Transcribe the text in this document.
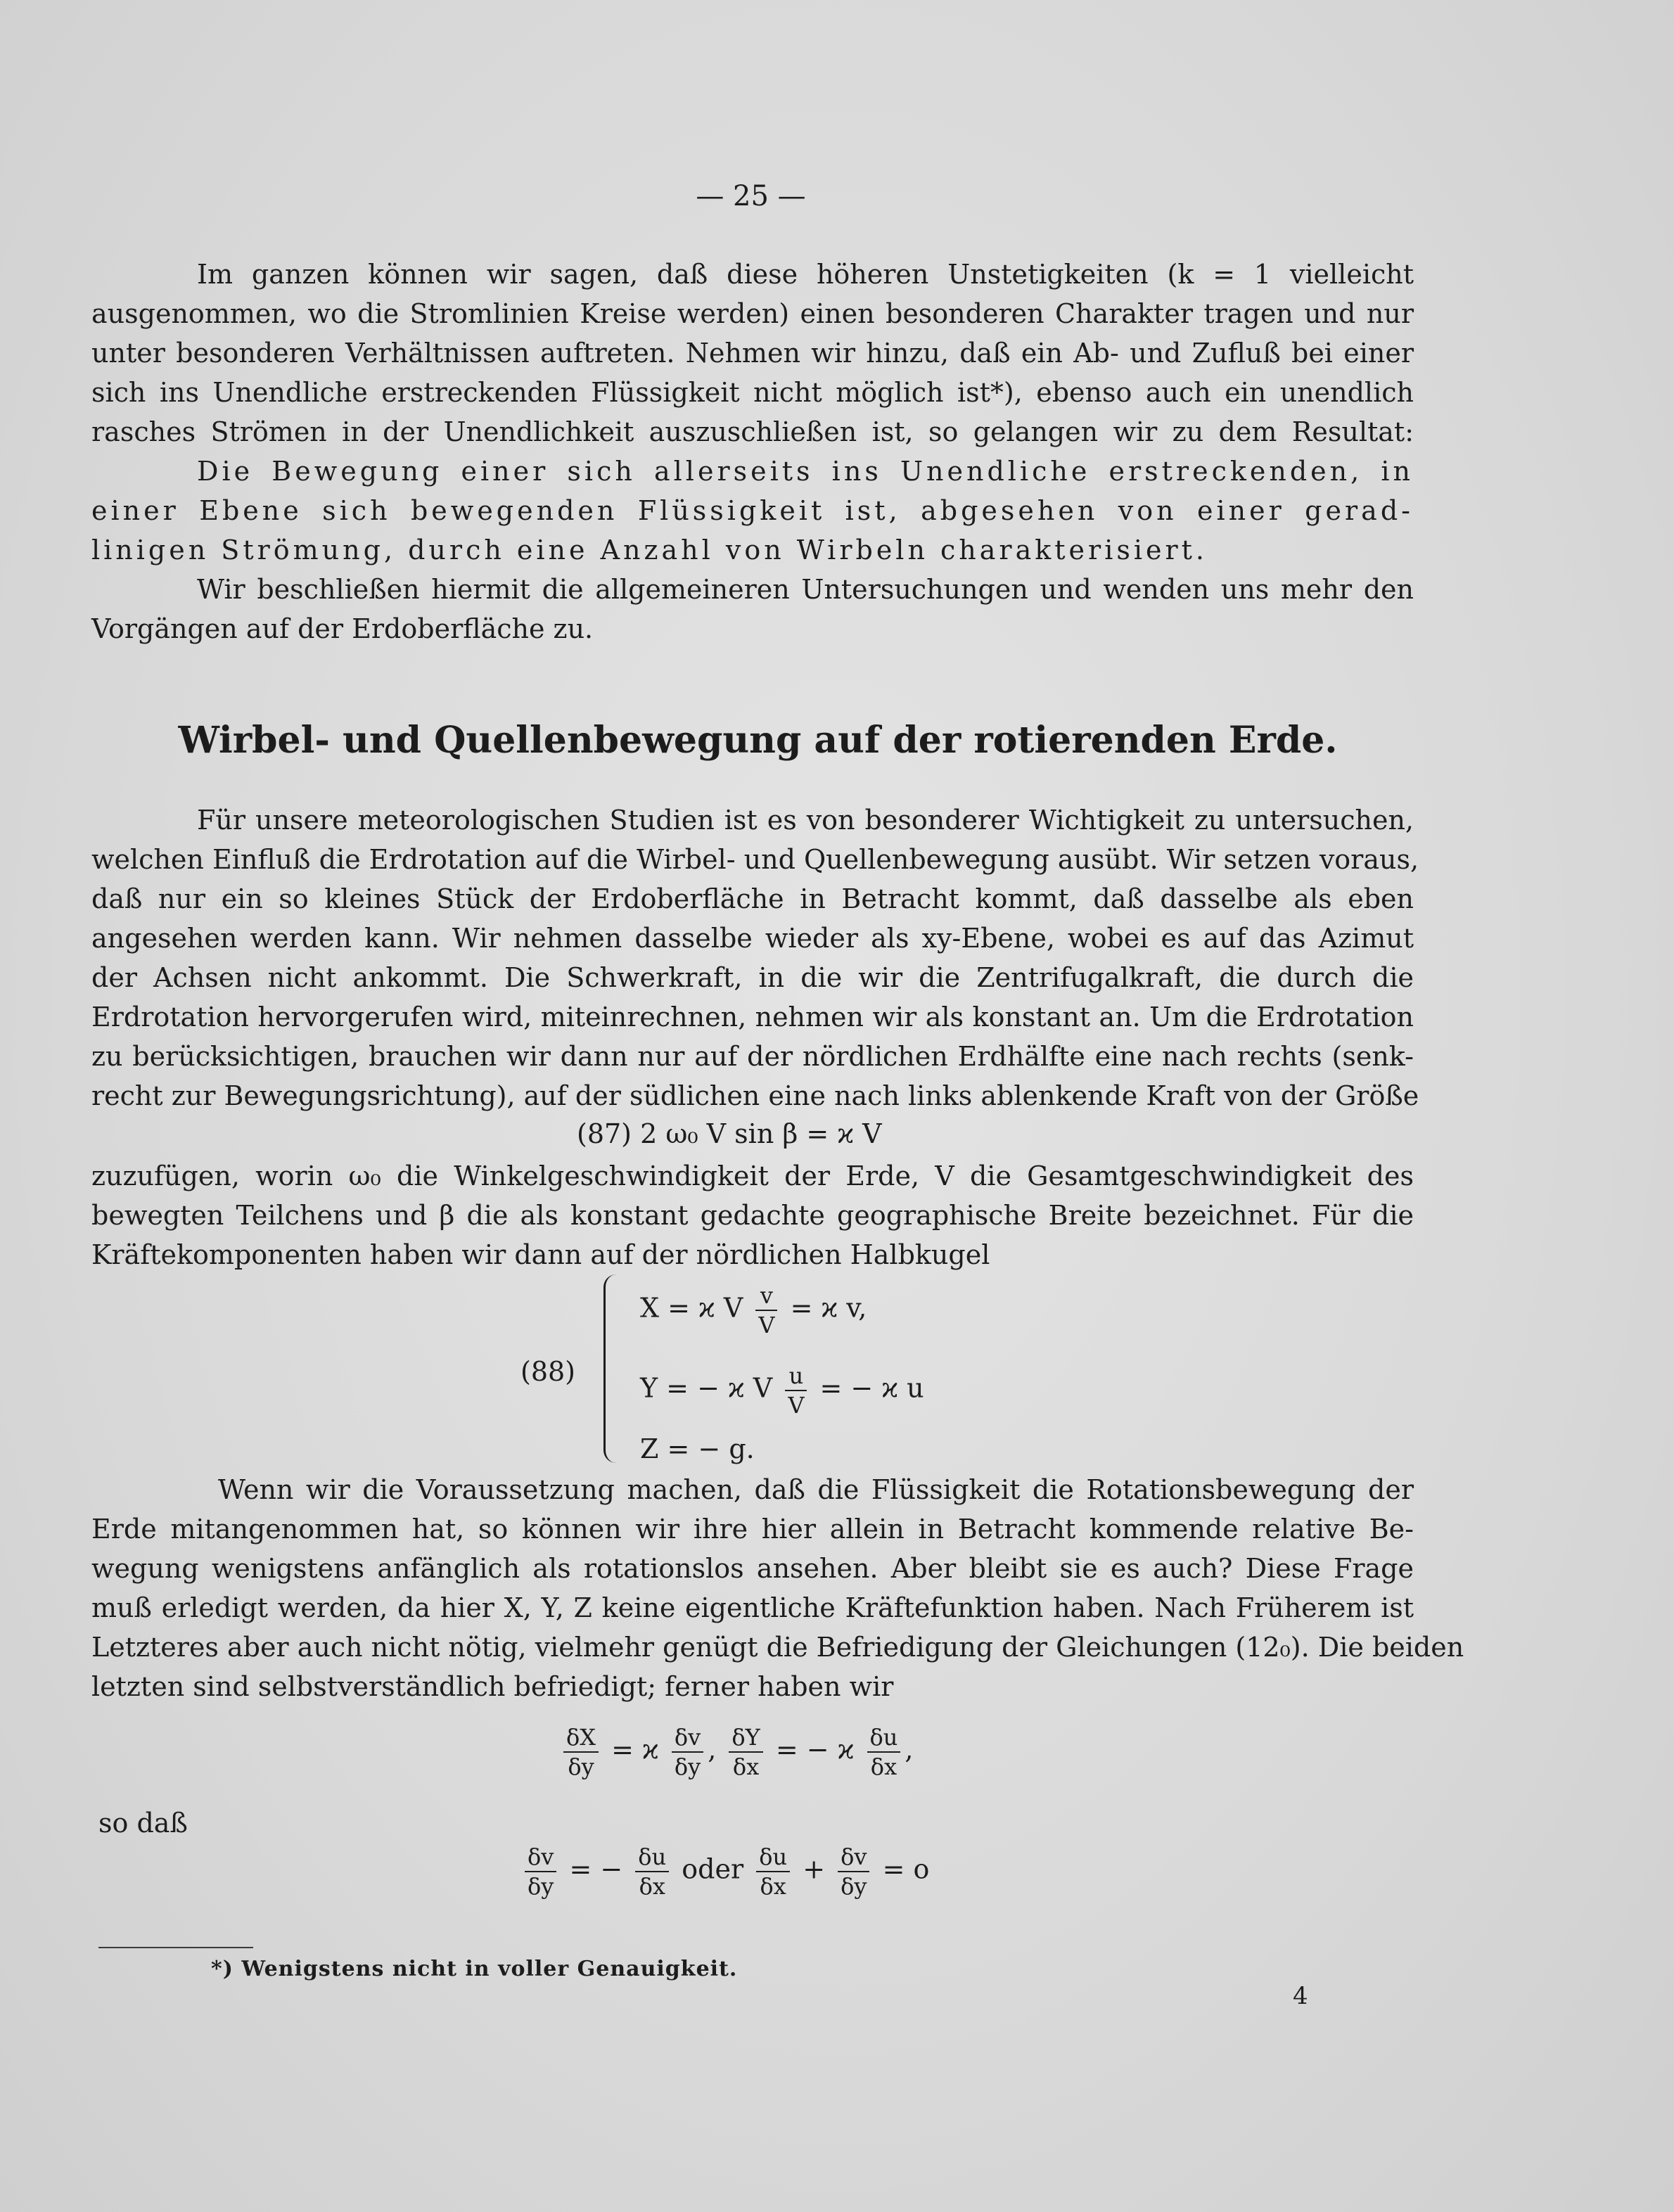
— 25 —
Im ganzen können wir sagen, daß diese höheren Unstetigkeiten (k = 1 vielleicht
ausgenommen, wo die Stromlinien Kreise werden) einen besonderen Charakter tragen und nur
unter besonderen Verhältnissen auftreten. Nehmen wir hinzu, daß ein Ab- und Zufluß bei einer
sich ins Unendliche erstreckenden Flüssigkeit nicht möglich ist*), ebenso auch ein unendlich
rasches Strömen in der Unendlichkeit auszuschließen ist, so gelangen wir zu dem Resultat:
Die Bewegung einer sich allerseits ins Unendliche erstreckenden, in
einer Ebene sich bewegenden Flüssigkeit ist, abgesehen von einer gerad-
linigen Strömung, durch eine Anzahl von Wirbeln charakterisiert.
Wir beschließen hiermit die allgemeineren Untersuchungen und wenden uns mehr den
Vorgängen auf der Erdoberfläche zu.
Wirbel- und Quellenbewegung auf der rotierenden Erde.
Für unsere meteorologischen Studien ist es von besonderer Wichtigkeit zu untersuchen,
welchen Einfluß die Erdrotation auf die Wirbel- und Quellenbewegung ausübt. Wir setzen voraus,
daß nur ein so kleines Stück der Erdoberfläche in Betracht kommt, daß dasselbe als eben
angesehen werden kann. Wir nehmen dasselbe wieder als xy-Ebene, wobei es auf das Azimut
der Achsen nicht ankommt. Die Schwerkraft, in die wir die Zentrifugalkraft, die durch die
Erdrotation hervorgerufen wird, miteinrechnen, nehmen wir als konstant an. Um die Erdrotation
zu berücksichtigen, brauchen wir dann nur auf der nördlichen Erdhälfte eine nach rechts (senk-
recht zur Bewegungsrichtung), auf der südlichen eine nach links ablenkende Kraft von der Größe
(87) 2 ω₀ V sin β = ϰ V
zuzufügen, worin ω₀ die Winkelgeschwindigkeit der Erde, V die Gesamtgeschwindigkeit des
bewegten Teilchens und β die als konstant gedachte geographische Breite bezeichnet. Für die
Kräftekomponenten haben wir dann auf der nördlichen Halbkugel
(88)
X = ϰ V $\frac{v}{V} = ϰ$ v,
Y = − ϰ V $\frac{u}{V}$ = − ϰ u
Z = − g.
Wenn wir die Voraussetzung machen, daß die Flüssigkeit die Rotationsbewegung der
Erde mitangenommen hat, so können wir ihre hier allein in Betracht kommende relative Be-
wegung wenigstens anfänglich als rotationslos ansehen. Aber bleibt sie es auch? Diese Frage
muß erledigt werden, da hier X, Y, Z keine eigentliche Kräftefunktion haben. Nach Früherem ist
Letzteres aber auch nicht nötig, vielmehr genügt die Befriedigung der Gleichungen (12₀). Die beiden
letzten sind selbstverständlich befriedigt; ferner haben wir
$\frac{\delta X}{\delta y} = ϰ \frac{\delta v}{\delta y}$ , $\frac{\delta Y}{\delta x}$ = − ϰ $\frac{\delta u}{\delta x}$ ,
so daß
$\frac{\delta v}{\delta y}$ = − $\frac{\delta u}{\delta x}$ oder $\frac{\delta u}{\delta x} + \frac{\delta v}{\delta y} = o$
*) Wenigstens nicht in voller Genauigkeit.
4
